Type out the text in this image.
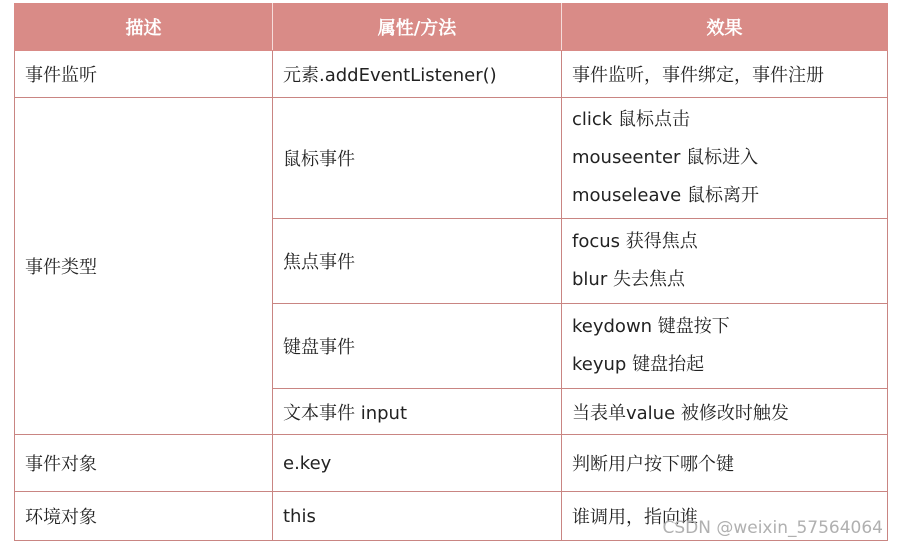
描述	属性/方法	效果
事件监听	元素.addEventListener()	事件监听，事件绑定，事件注册
事件类型	鼠标事件	click 鼠标点击
mouseenter 鼠标进入
mouseleave 鼠标离开

	焦点事件	focus 获得焦点
blur 失去焦点

	键盘事件	keydown 键盘按下
keyup 键盘抬起

	文本事件 input	当表单value 被修改时触发
事件对象	e.key	判断用户按下哪个键
环境对象	this	谁调用，指向谁
CSDN @weixin_57564064
